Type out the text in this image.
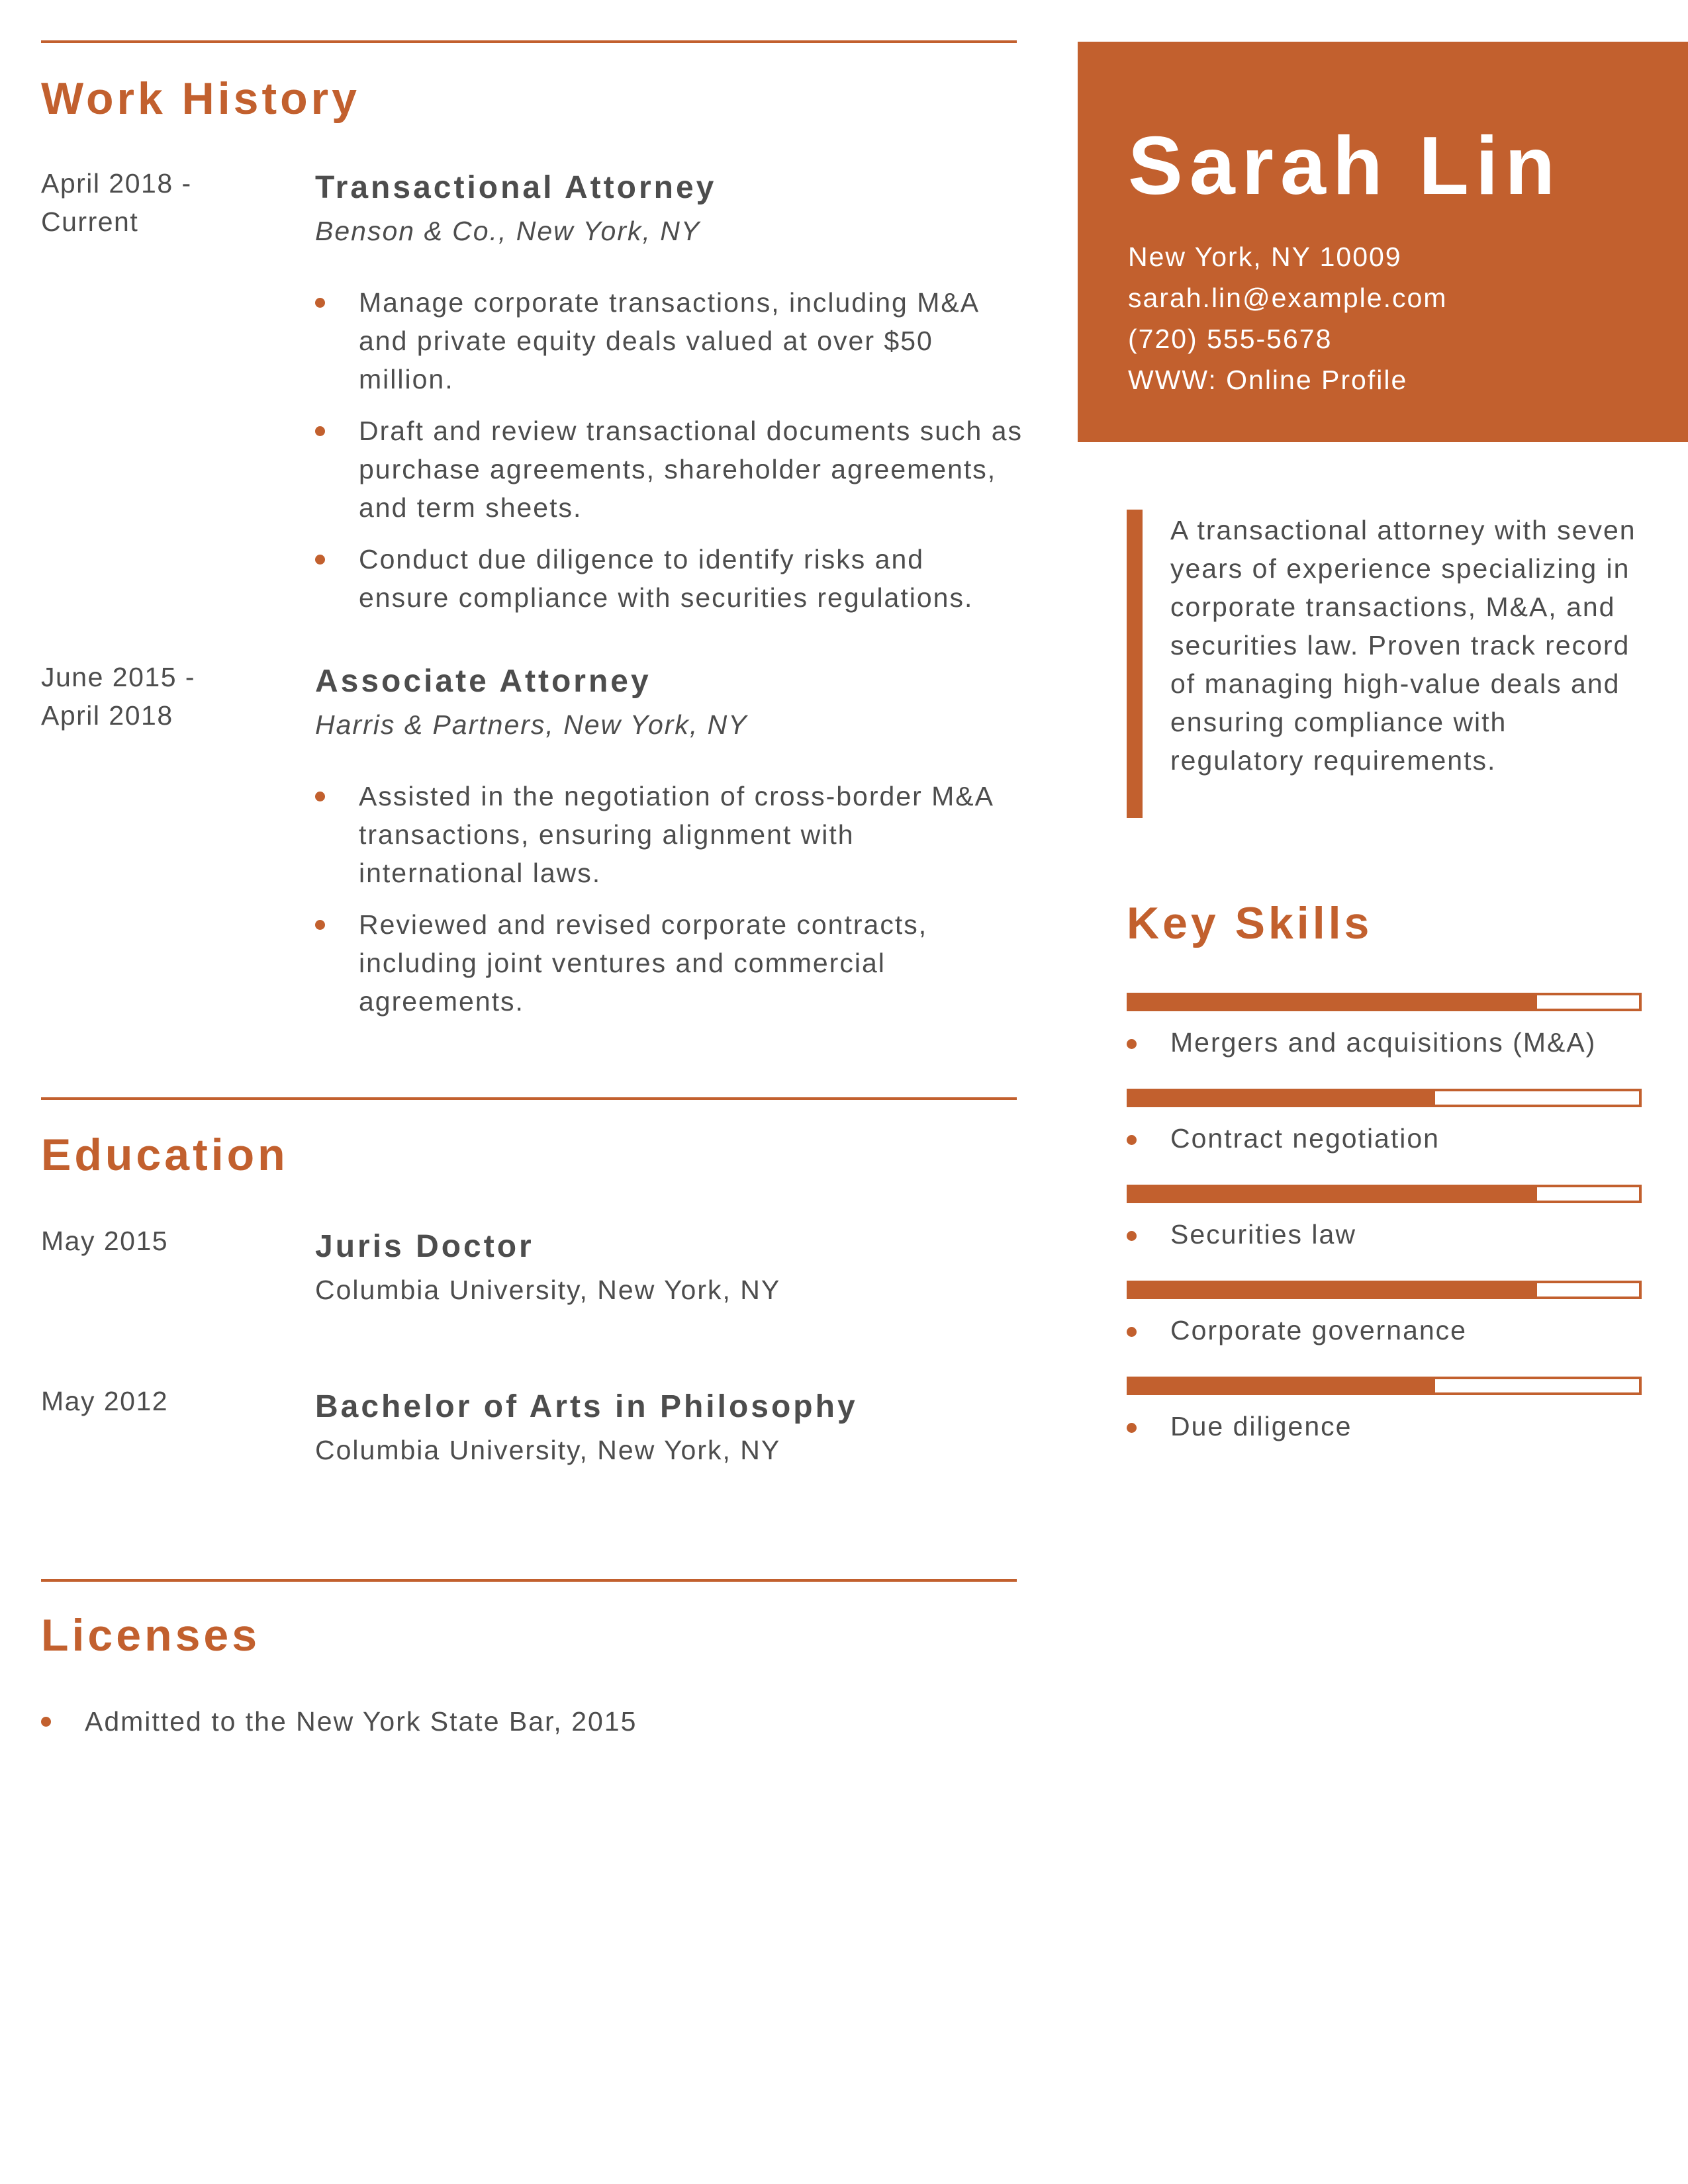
Work History
April 2018 - Current
Transactional Attorney
Benson & Co., New York, NY
Manage corporate transactions, including M&A and private equity deals valued at over $50 million.
Draft and review transactional documents such as purchase agreements, shareholder agreements, and term sheets.
Conduct due diligence to identify risks and ensure compliance with securities regulations.
June 2015 - April 2018
Associate Attorney
Harris & Partners, New York, NY
Assisted in the negotiation of cross-border M&A transactions, ensuring alignment with international laws.
Reviewed and revised corporate contracts, including joint ventures and commercial agreements.
Education
May 2015	Juris Doctor
Columbia University, New York, NY
May 2012	Bachelor of Arts in Philosophy
Columbia University, New York, NY
Licenses
Admitted to the New York State Bar, 2015
Sarah Lin
New York, NY 10009
sarah.lin@example.com
(720) 555-5678
WWW: Online Profile

A transactional attorney with seven years of experience specializing in corporate transactions, M&A, and securities law. Proven track record of managing high-value deals and ensuring compliance with regulatory requirements.

Key Skills
Mergers and acquisitions (M&A)
Contract negotiation
Securities law
Corporate governance
Due diligence
